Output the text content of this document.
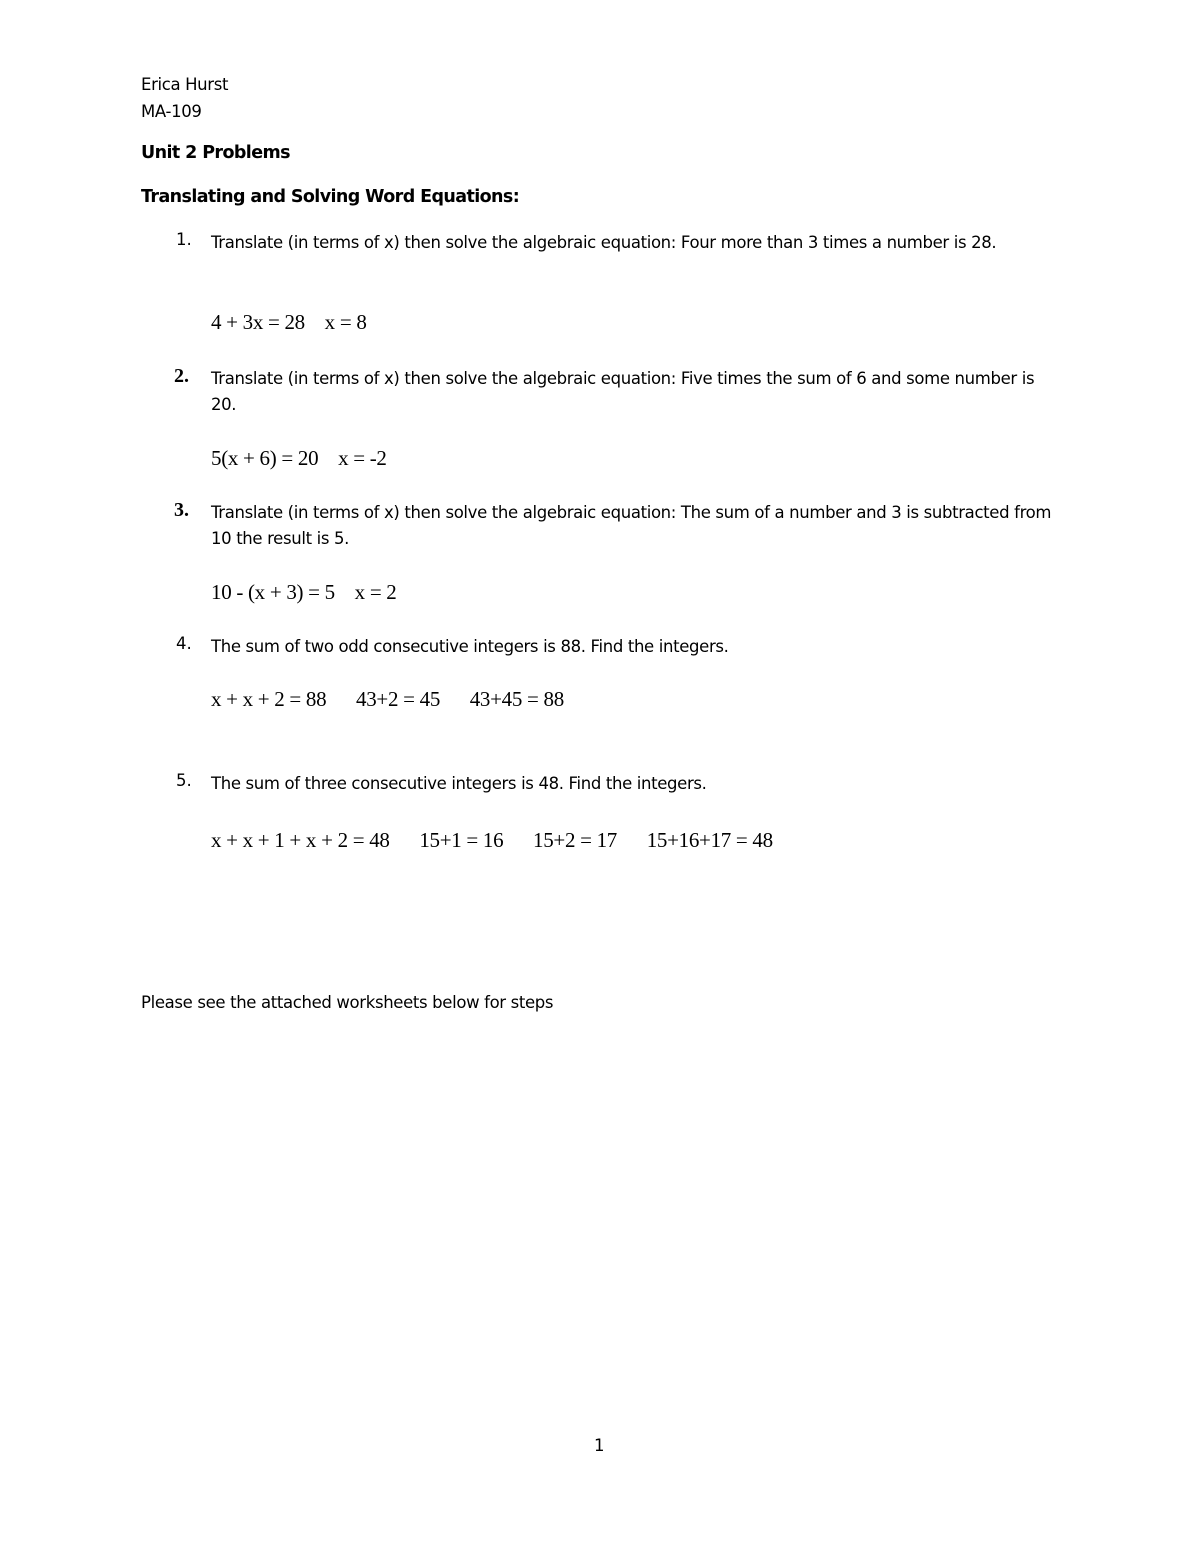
Erica Hurst
MA-109
Unit 2 Problems
Translating and Solving Word Equations:
1. Translate (in terms of x) then solve the algebraic equation: Four more than 3 times a number is 28.
4 + 3x = 28    x = 8
2. Translate (in terms of x) then solve the algebraic equation: Five times the sum of 6 and some number is 20.
5(x + 6) = 20    x = -2
3. Translate (in terms of x) then solve the algebraic equation: The sum of a number and 3 is subtracted from 10 the result is 5.
10 - (x + 3) = 5    x = 2
4. The sum of two odd consecutive integers is 88. Find the integers.
x + x + 2 = 88      43+2 = 45      43+45 = 88
5. The sum of three consecutive integers is 48. Find the integers.
x + x + 1 + x + 2 = 48      15+1 = 16      15+2 = 17      15+16+17 = 48
Please see the attached worksheets below for steps
1
